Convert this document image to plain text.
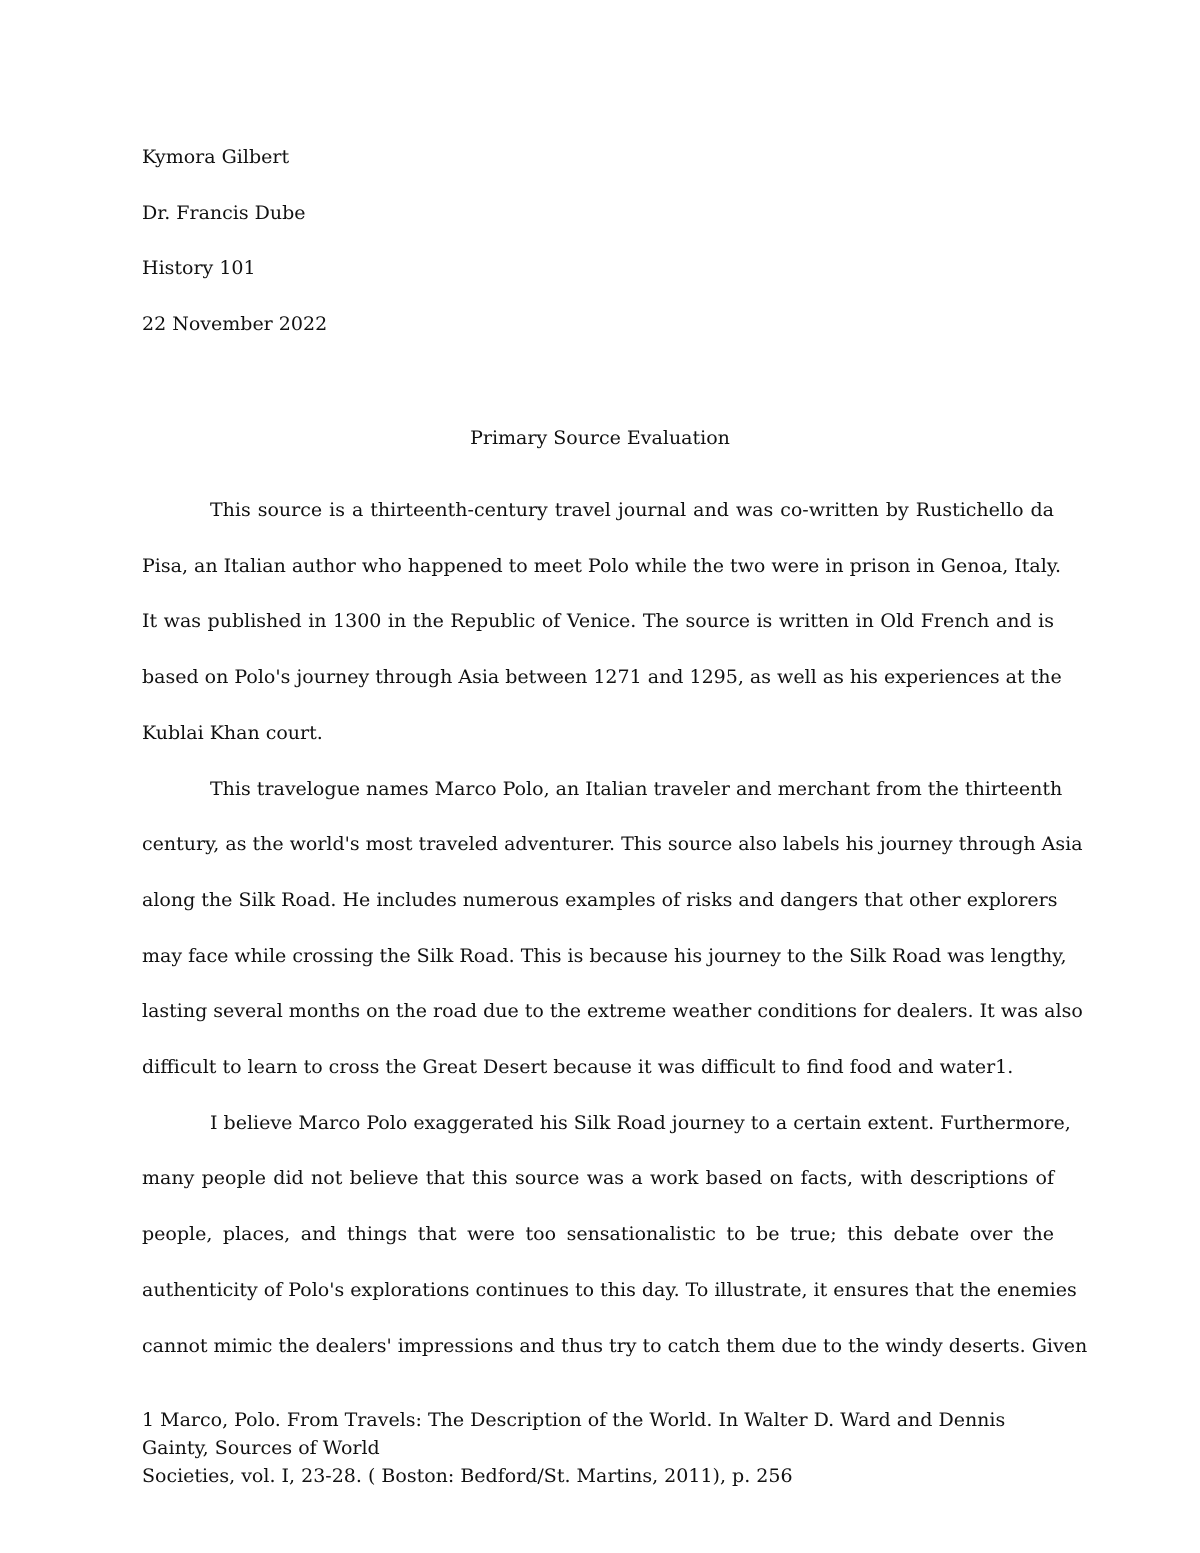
Kymora Gilbert
Dr. Francis Dube
History 101
22 November 2022
Primary Source Evaluation
This source is a thirteenth-century travel journal and was co-written by Rustichello da
Pisa, an Italian author who happened to meet Polo while the two were in prison in Genoa, Italy.
It was published in 1300 in the Republic of Venice. The source is written in Old French and is
based on Polo's journey through Asia between 1271 and 1295, as well as his experiences at the
Kublai Khan court.
This travelogue names Marco Polo, an Italian traveler and merchant from the thirteenth
century, as the world's most traveled adventurer. This source also labels his journey through Asia
along the Silk Road. He includes numerous examples of risks and dangers that other explorers
may face while crossing the Silk Road. This is because his journey to the Silk Road was lengthy,
lasting several months on the road due to the extreme weather conditions for dealers. It was also
difficult to learn to cross the Great Desert because it was difficult to find food and water1.
I believe Marco Polo exaggerated his Silk Road journey to a certain extent. Furthermore,
many people did not believe that this source was a work based on facts, with descriptions of
people, places, and things that were too sensationalistic to be true; this debate over the
authenticity of Polo's explorations continues to this day. To illustrate, it ensures that the enemies
cannot mimic the dealers' impressions and thus try to catch them due to the windy deserts. Given
1 Marco, Polo. From Travels: The Description of the World. In Walter D. Ward and Dennis
Gainty, Sources of World
Societies, vol. I, 23-28. ( Boston: Bedford/St. Martins, 2011), p. 256
